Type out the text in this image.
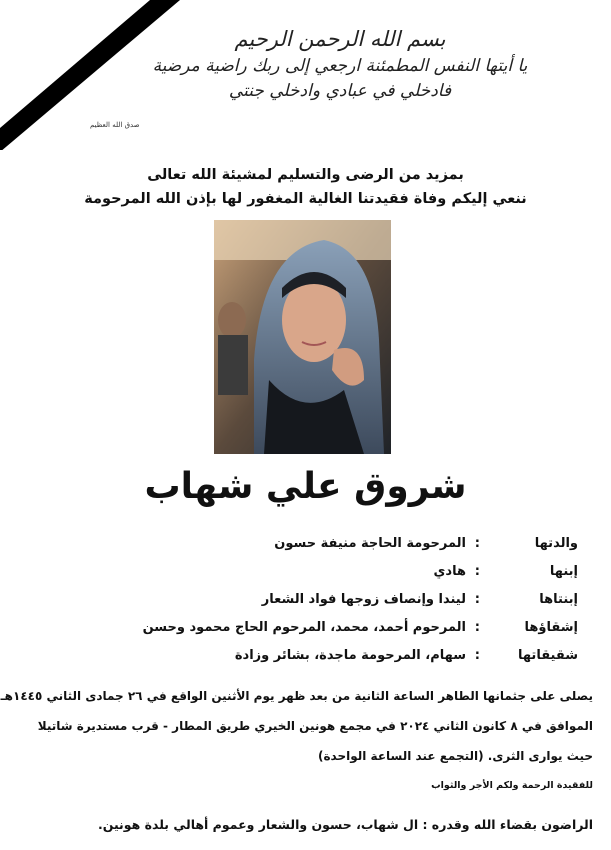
بسم الله الرحمن الرحيم
يا أيتها النفس المطمئنة ارجعي إلى ربك راضية مرضية
فادخلي في عبادي وادخلي جنتي
صدق الله العظيم
بمزيد من الرضى والتسليم لمشيئة الله تعالى
ننعي إليكم وفاة فقيدتنا الغالية المغفور لها بإذن الله المرحومة
شروق علي شهاب
والدتها
:
المرحومة الحاجة منيفة حسون
إبنها
:
هادي
إبنتاها
:
ليندا وإنصاف زوجها فواد الشعار
إشقاؤها
:
المرحوم أحمد، محمد، المرحوم الحاج محمود وحسن
شقيقاتها
:
سهام، المرحومة ماجدة، بشائر وزادة
يصلى على جثمانها الطاهر الساعة الثانية من بعد ظهر يوم الأثنين الواقع في ٢٦ جمادى الثاني ١٤٤٥هـ
الموافق في ٨ كانون الثاني ٢٠٢٤ في مجمع هونين الخيري طريق المطار - قرب مستديرة شاتيلا
حيث يوارى الثرى. (التجمع عند الساعة الواحدة)
للفقيدة الرحمة ولكم الأجر والثواب
الراضون بقضاء الله وقدره : ال شهاب، حسون والشعار وعموم أهالي بلدة هونين.
